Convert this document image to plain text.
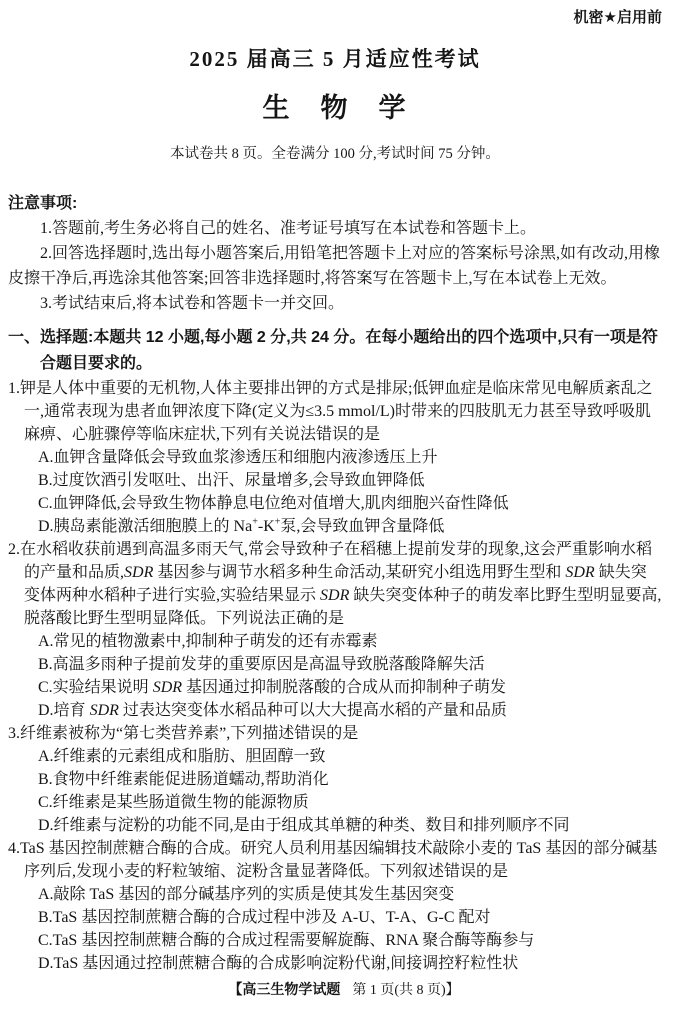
机密★启用前
2025 届高三 5 月适应性考试
生　物　学

本试卷共 8 页。全卷满分 100 分,考试时间 75 分钟。

注意事项:

1.答题前,考生务必将自己的姓名、准考证号填写在本试卷和答题卡上。

2.回答选择题时,选出每小题答案后,用铅笔把答题卡上对应的答案标号涂黑,如有改动,用橡皮擦干净后,再选涂其他答案;回答非选择题时,将答案写在答题卡上,写在本试卷上无效。

3.考试结束后,将本试卷和答题卡一并交回。

一、选择题:本题共 12 小题,每小题 2 分,共 24 分。在每小题给出的四个选项中,只有一项是符合题目要求的。

1.钾是人体中重要的无机物,人体主要排出钾的方式是排尿;低钾血症是临床常见电解质紊乱之一,通常表现为患者血钾浓度下降(定义为≤3.5 mmol/L)时带来的四肢肌无力甚至导致呼吸肌麻痹、心脏骤停等临床症状,下列有关说法错误的是

A.血钾含量降低会导致血浆渗透压和细胞内液渗透压上升

B.过度饮酒引发呕吐、出汗、尿量增多,会导致血钾降低

C.血钾降低,会导致生物体静息电位绝对值增大,肌肉细胞兴奋性降低

D.胰岛素能激活细胞膜上的 Na+-K+泵,会导致血钾含量降低

2.在水稻收获前遇到高温多雨天气,常会导致种子在稻穗上提前发芽的现象,这会严重影响水稻的产量和品质,SDR 基因参与调节水稻多种生命活动,某研究小组选用野生型和 SDR 缺失突变体两种水稻种子进行实验,实验结果显示 SDR 缺失突变体种子的萌发率比野生型明显要高,脱落酸比野生型明显降低。下列说法正确的是

A.常见的植物激素中,抑制种子萌发的还有赤霉素

B.高温多雨种子提前发芽的重要原因是高温导致脱落酸降解失活

C.实验结果说明 SDR 基因通过抑制脱落酸的合成从而抑制种子萌发

D.培育 SDR 过表达突变体水稻品种可以大大提高水稻的产量和品质

3.纤维素被称为“第七类营养素”,下列描述错误的是

A.纤维素的元素组成和脂肪、胆固醇一致

B.食物中纤维素能促进肠道蠕动,帮助消化

C.纤维素是某些肠道微生物的能源物质

D.纤维素与淀粉的功能不同,是由于组成其单糖的种类、数目和排列顺序不同

4.TaS 基因控制蔗糖合酶的合成。研究人员利用基因编辑技术敲除小麦的 TaS 基因的部分碱基序列后,发现小麦的籽粒皱缩、淀粉含量显著降低。下列叙述错误的是

A.敲除 TaS 基因的部分碱基序列的实质是使其发生基因突变

B.TaS 基因控制蔗糖合酶的合成过程中涉及 A-U、T-A、G-C 配对

C.TaS 基因控制蔗糖合酶的合成过程需要解旋酶、RNA 聚合酶等酶参与

D.TaS 基因通过控制蔗糖合酶的合成影响淀粉代谢,间接调控籽粒性状

【高三生物学试题 第 1 页(共 8 页)】
